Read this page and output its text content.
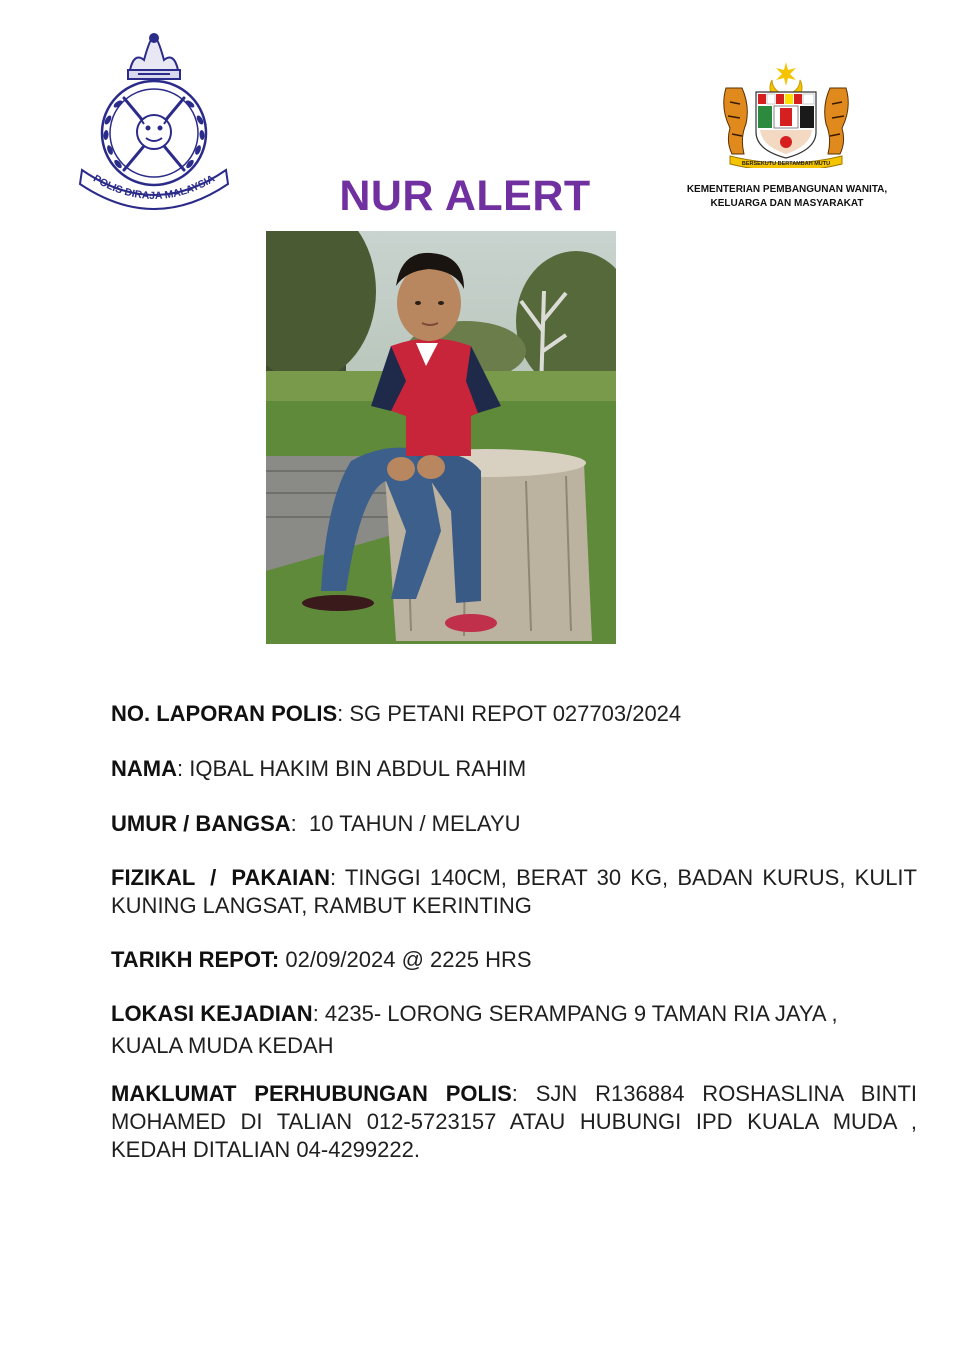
POLIS DIRAJA MALAYSIA
BERSEKUTU BERTAMBAH MUTU
KEMENTERIAN PEMBANGUNAN WANITA,
KELUARGA DAN MASYARAKAT
NUR ALERT

NO. LAPORAN POLIS: SG PETANI REPOT 027703/2024

NAMA: IQBAL HAKIM BIN ABDUL RAHIM

UMUR / BANGSA:  10 TAHUN / MELAYU

FIZIKAL / PAKAIAN: TINGGI 140CM, BERAT 30 KG, BADAN KURUS, KULIT KUNING LANGSAT, RAMBUT KERINTING

TARIKH REPOT: 02/09/2024 @ 2225 HRS

LOKASI KEJADIAN: 4235- LORONG SERAMPANG 9 TAMAN RIA JAYA ,
KUALA MUDA KEDAH

MAKLUMAT PERHUBUNGAN POLIS: SJN R136884 ROSHASLINA BINTI MOHAMED DI TALIAN 012-5723157 ATAU HUBUNGI IPD KUALA MUDA , KEDAH DITALIAN 04-4299222.
